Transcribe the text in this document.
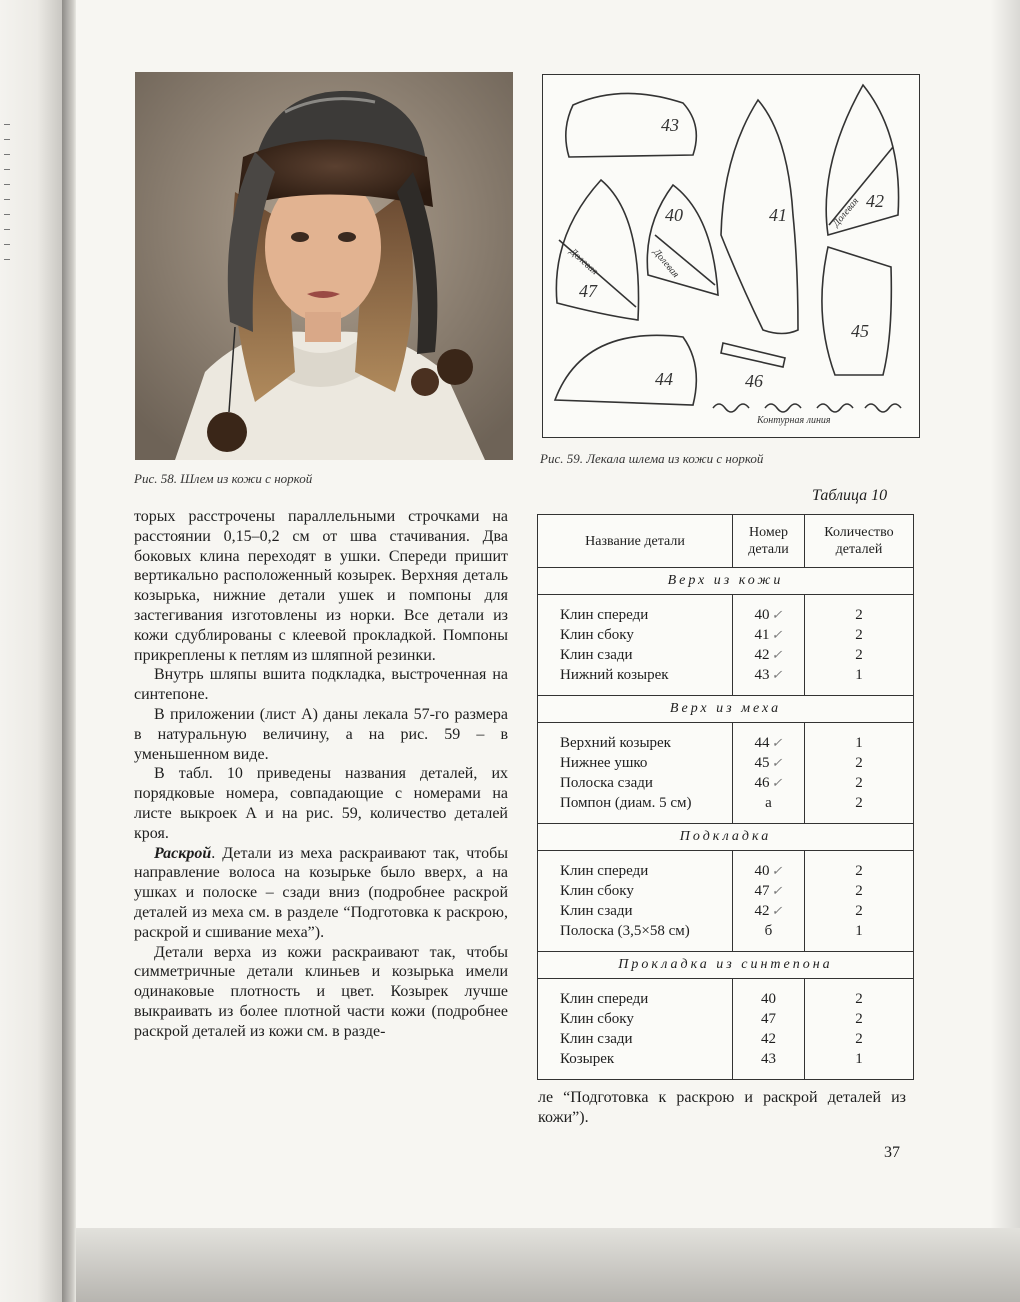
Рис. 58. Шлем из кожи с норкой
43
40
Долевая
41
42
Долевая
47
Долевая
45
44	46
Контурная линия
Рис. 59. Лекала шлема из кожи с норкой

торых расстрочены параллельными строчками на расстоянии 0,15–0,2 см от шва стачивания. Два боковых клина переходят в ушки. Спереди пришит вертикально расположенный козырек. Верхняя деталь козырька, нижние детали ушек и помпоны для застегивания изготовлены из норки. Все детали из кожи сдублированы с клеевой прокладкой. Помпоны прикреплены к петлям из шляпной резинки.

Внутрь шляпы вшита подкладка, выстроченная на синтепоне.

В приложении (лист А) даны лекала 57-го размера в натуральную величину, а на рис. 59 – в уменьшенном виде.

В табл. 10 приведены названия деталей, их порядковые номера, совпадающие с номерами на листе выкроек А и на рис. 59, количество деталей кроя.

Раскрой. Детали из меха раскраивают так, чтобы направление волоса на козырьке было вверх, а на ушках и полоске – сзади вниз (подробнее раскрой деталей из меха см. в разделе “Подготовка к раскрою, раскрой и сшивание меха”).

Детали верха из кожи раскраивают так, чтобы симметричные детали клиньев и козырька имели одинаковые плотность и цвет. Козырек лучше выкраивать из более плотной части кожи (подробнее раскрой деталей из кожи см. в разде-

Таблица 10
Название детали
Номер детали
Количество деталей
Верх из кожи
Клин спереди
Клин сбоку
Клин сзади
Нижний козырек
40 ✓
41 ✓
42 ✓
43 ✓
2
2
2
1
Верх из меха
Верхний козырек
Нижнее ушко
Полоска сзади
Помпон (диам. 5 см)
44 ✓
45 ✓
46 ✓
а
1
2
2
2
Подкладка
Клин спереди
Клин сбоку
Клин сзади
Полоска (3,5×58 см)
40 ✓
47 ✓
42 ✓
б
2
2
2
1
Прокладка из синтепона
Клин спереди
Клин сбоку
Клин сзади
Козырек
40
47
42
43
2
2
2
1
ле “Подготовка к раскрою и раскрой деталей из кожи”).
37
